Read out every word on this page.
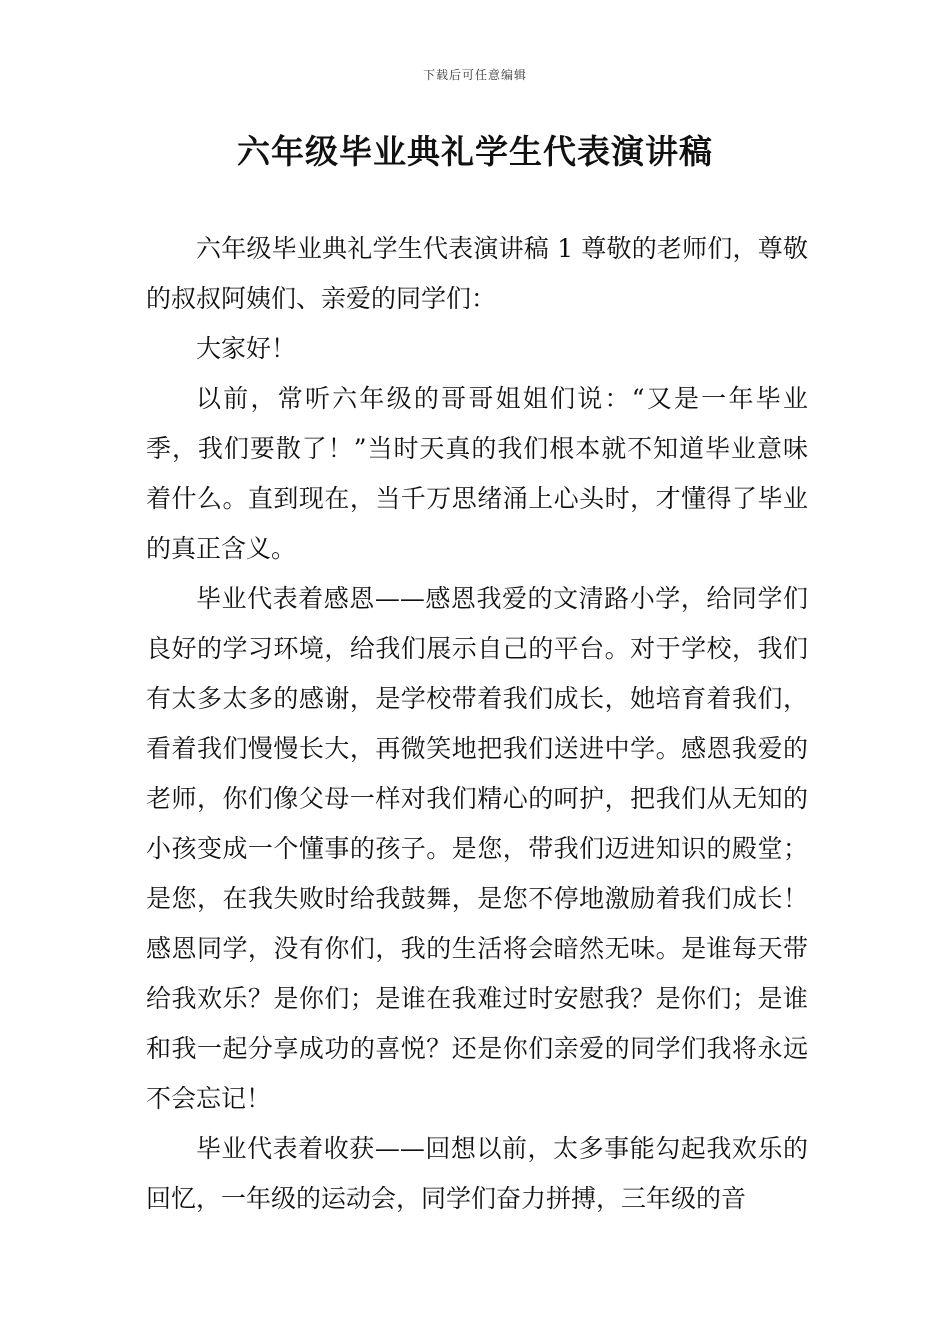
下载后可任意编辑
六年级毕业典礼学生代表演讲稿

六年级毕业典礼学生代表演讲稿 1 尊敬的老师们，尊敬的叔叔阿姨们、亲爱的同学们：

大家好！

以前，常听六年级的哥哥姐姐们说：“又是一年毕业季，我们要散了！”当时天真的我们根本就不知道毕业意味着什么。直到现在，当千万思绪涌上心头时，才懂得了毕业的真正含义。

毕业代表着感恩——感恩我爱的文清路小学，给同学们良好的学习环境，给我们展示自己的平台。对于学校，我们有太多太多的感谢，是学校带着我们成长，她培育着我们，看着我们慢慢长大，再微笑地把我们送进中学。感恩我爱的老师，你们像父母一样对我们精心的呵护，把我们从无知的小孩变成一个懂事的孩子。是您，带我们迈进知识的殿堂；是您，在我失败时给我鼓舞，是您不停地激励着我们成长！感恩同学，没有你们，我的生活将会暗然无味。是谁每天带给我欢乐？是你们；是谁在我难过时安慰我？是你们；是谁和我一起分享成功的喜悦？还是你们亲爱的同学们我将永远不会忘记！

毕业代表着收获——回想以前，太多事能勾起我欢乐的回忆，一年级的运动会，同学们奋力拼搏，三年级的音
